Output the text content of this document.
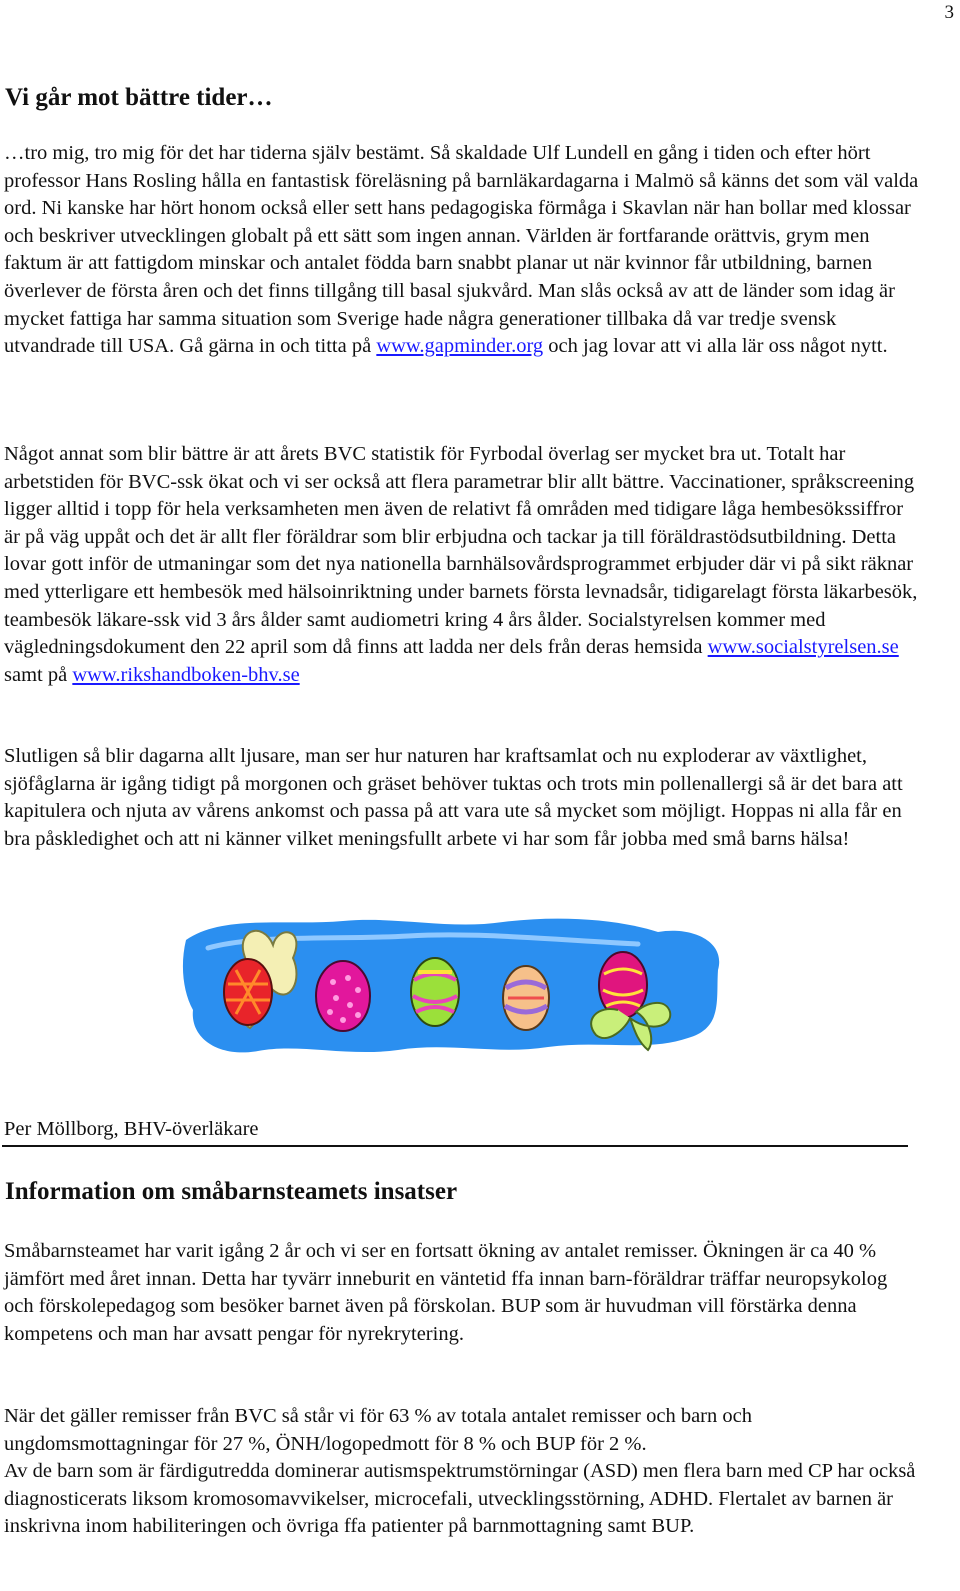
3
Vi går mot bättre tider…

…tro mig, tro mig för det har tiderna själv bestämt. Så skaldade Ulf Lundell en gång i tiden och efter hört professor Hans Rosling hålla en fantastisk föreläsning på barnläkardagarna i Malmö så känns det som väl valda ord. Ni kanske har hört honom också eller sett hans pedagogiska förmåga i Skavlan när han bollar med klossar och beskriver utvecklingen globalt på ett sätt som ingen annan. Världen är fortfarande orättvis, grym men faktum är att fattigdom minskar och antalet födda barn snabbt planar ut när kvinnor får utbildning, barnen överlever de första åren och det finns tillgång till basal sjukvård. Man slås också av att de länder som idag är mycket fattiga har samma situation som Sverige hade några generationer tillbaka då var tredje svensk utvandrade till USA. Gå gärna in och titta på www.gapminder.org och jag lovar att vi alla lär oss något nytt.

Något annat som blir bättre är att årets BVC statistik för Fyrbodal överlag ser mycket bra ut. Totalt har arbetstiden för BVC-ssk ökat och vi ser också att flera parametrar blir allt bättre. Vaccinationer, språkscreening ligger alltid i topp för hela verksamheten men även de relativt få områden med tidigare låga hembesökssiffror är på väg uppåt och det är allt fler föräldrar som blir erbjudna och tackar ja till föräldrastödsutbildning. Detta lovar gott inför de utmaningar som det nya nationella barnhälsovårdsprogrammet erbjuder där vi på sikt räknar med ytterligare ett hembesök med hälsoinriktning under barnets första levnadsår, tidigarelagt första läkarbesök, teambesök läkare-ssk vid 3 års ålder samt audiometri kring 4 års ålder. Socialstyrelsen kommer med vägledningsdokument den 22 april som då finns att ladda ner dels från deras hemsida www.socialstyrelsen.se samt på www.rikshandboken-bhv.se

Slutligen så blir dagarna allt ljusare, man ser hur naturen har kraftsamlat och nu exploderar av växtlighet, sjöfåglarna är igång tidigt på morgonen och gräset behöver tuktas och trots min pollenallergi så är det bara att kapitulera och njuta av vårens ankomst och passa på att vara ute så mycket som möjligt. Hoppas ni alla får en bra påskledighet och att ni känner vilket meningsfullt arbete vi har som får jobba med små barns hälsa!

Per Möllborg, BHV-överläkare
Information om småbarnsteamets insatser

Småbarnsteamet har varit igång 2 år och vi ser en fortsatt ökning av antalet remisser. Ökningen är ca 40 % jämfört med året innan. Detta har tyvärr inneburit en väntetid ffa innan barn-föräldrar träffar neuropsykolog och förskolepedagog som besöker barnet även på förskolan. BUP som är huvudman vill förstärka denna kompetens och man har avsatt pengar för nyrekrytering.

När det gäller remisser från BVC så står vi för 63 % av totala antalet remisser och barn och ungdomsmottagningar för 27 %, ÖNH/logopedmott för 8 % och BUP för 2 %.
Av de barn som är färdigutredda dominerar autismspektrumstörningar (ASD) men flera barn med CP har också diagnosticerats liksom kromosomavvikelser, microcefali, utvecklingsstörning, ADHD. Flertalet av barnen är inskrivna inom habiliteringen och övriga ffa patienter på barnmottagning samt BUP.
